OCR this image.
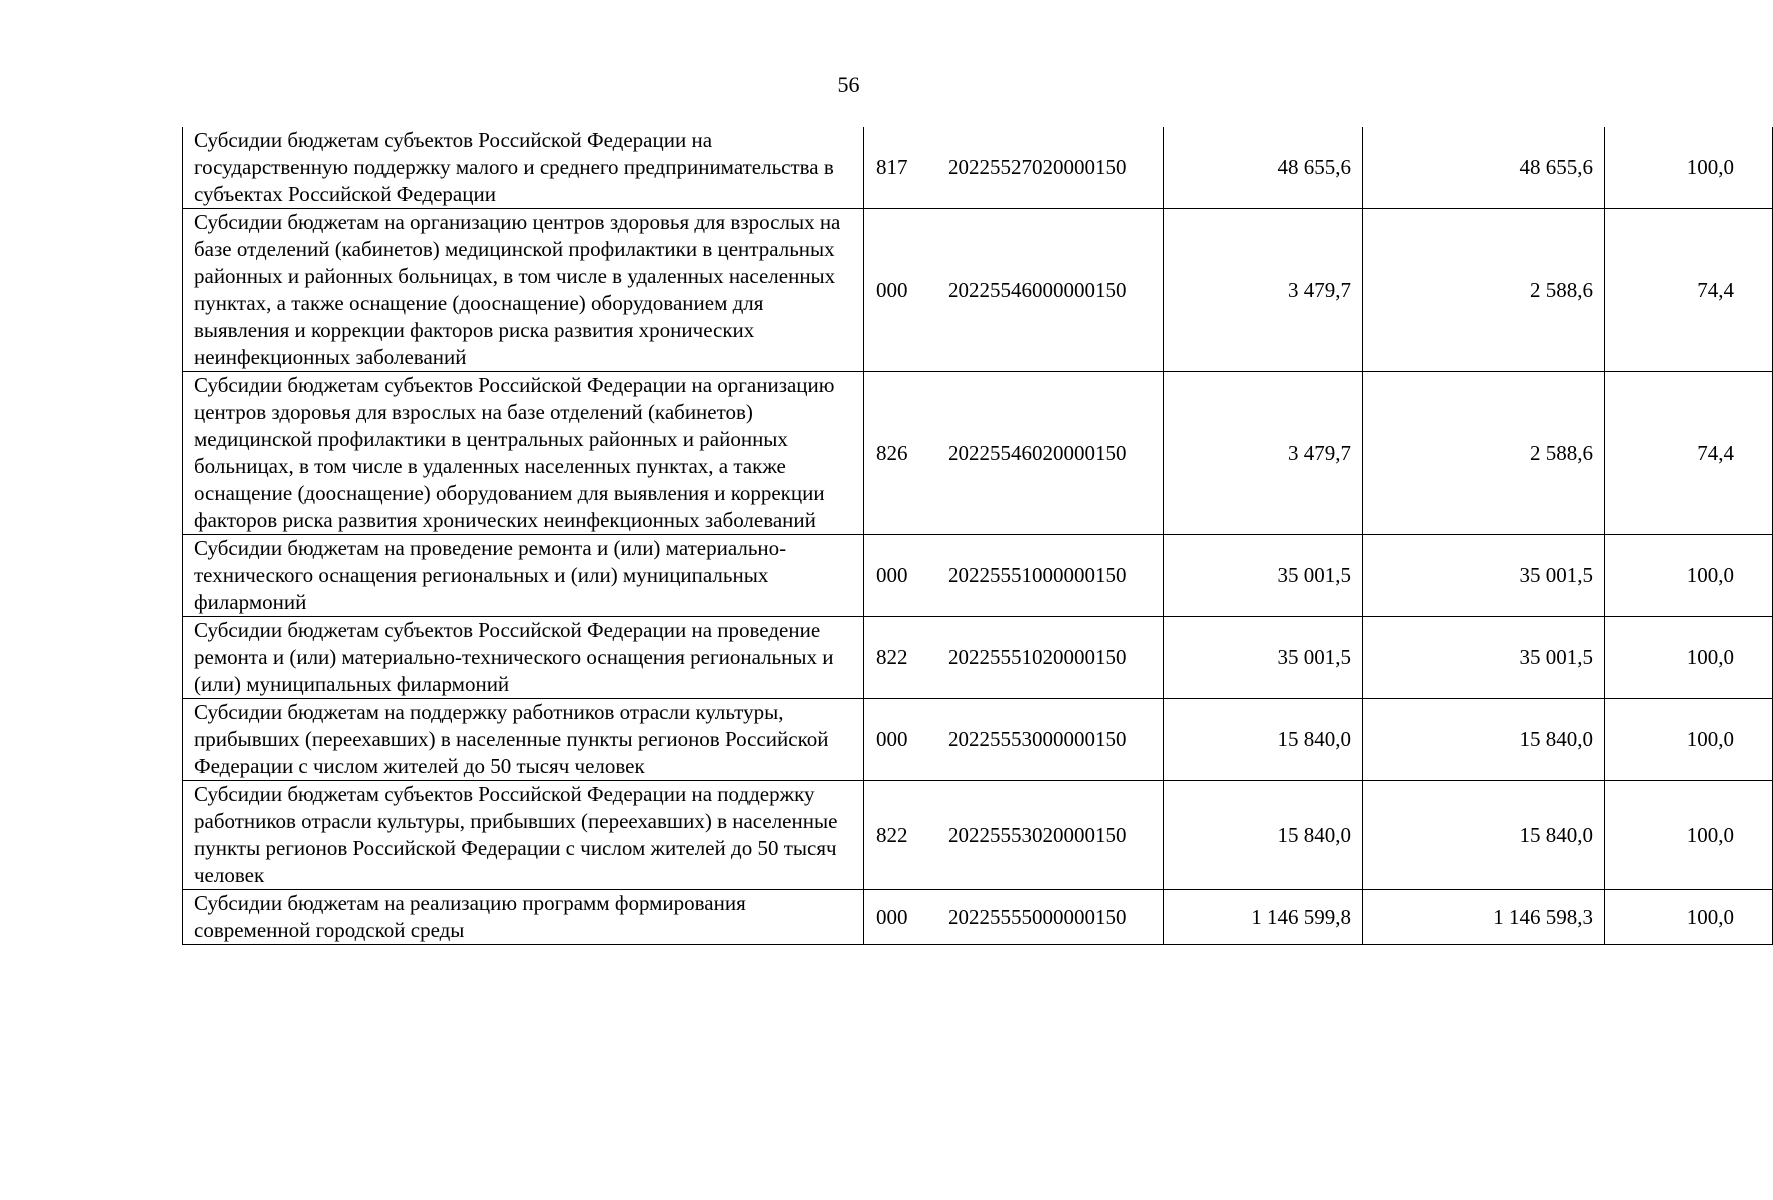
56
Субсидии бюджетам субъектов Российской Федерации на государственную поддержку малого и среднего предпринимательства в субъектах Российской Федерации	817	20225527020000150	48 655,6	48 655,6	100,0
Субсидии бюджетам на организацию центров здоровья для взрослых на базе отделений (кабинетов) медицинской профилактики в центральных районных и районных больницах, в том числе в удаленных населенных пунктах, а также оснащение (дооснащение) оборудованием для выявления и коррекции факторов риска развития хронических неинфекционных заболеваний	000	20225546000000150	3 479,7	2 588,6	74,4
Субсидии бюджетам субъектов Российской Федерации на организацию центров здоровья для взрослых на базе отделений (кабинетов) медицинской профилактики в центральных районных и районных больницах, в том числе в удаленных населенных пунктах, а также оснащение (дооснащение) оборудованием для выявления и коррекции факторов риска развития хронических неинфекционных заболеваний	826	20225546020000150	3 479,7	2 588,6	74,4
Субсидии бюджетам на проведение ремонта и (или) материально-технического оснащения региональных и (или) муниципальных филармоний	000	20225551000000150	35 001,5	35 001,5	100,0
Субсидии бюджетам субъектов Российской Федерации на проведение ремонта и (или) материально-технического оснащения региональных и (или) муниципальных филармоний	822	20225551020000150	35 001,5	35 001,5	100,0
Субсидии бюджетам на поддержку работников отрасли культуры, прибывших (переехавших) в населенные пункты регионов Российской Федерации с числом жителей до 50 тысяч человек	000	20225553000000150	15 840,0	15 840,0	100,0
Субсидии бюджетам субъектов Российской Федерации на поддержку работников отрасли культуры, прибывших (переехавших) в населенные пункты регионов Российской Федерации с числом жителей до 50 тысяч человек	822	20225553020000150	15 840,0	15 840,0	100,0
Субсидии бюджетам на реализацию программ формирования современной городской среды	000	20225555000000150	1 146 599,8	1 146 598,3	100,0
